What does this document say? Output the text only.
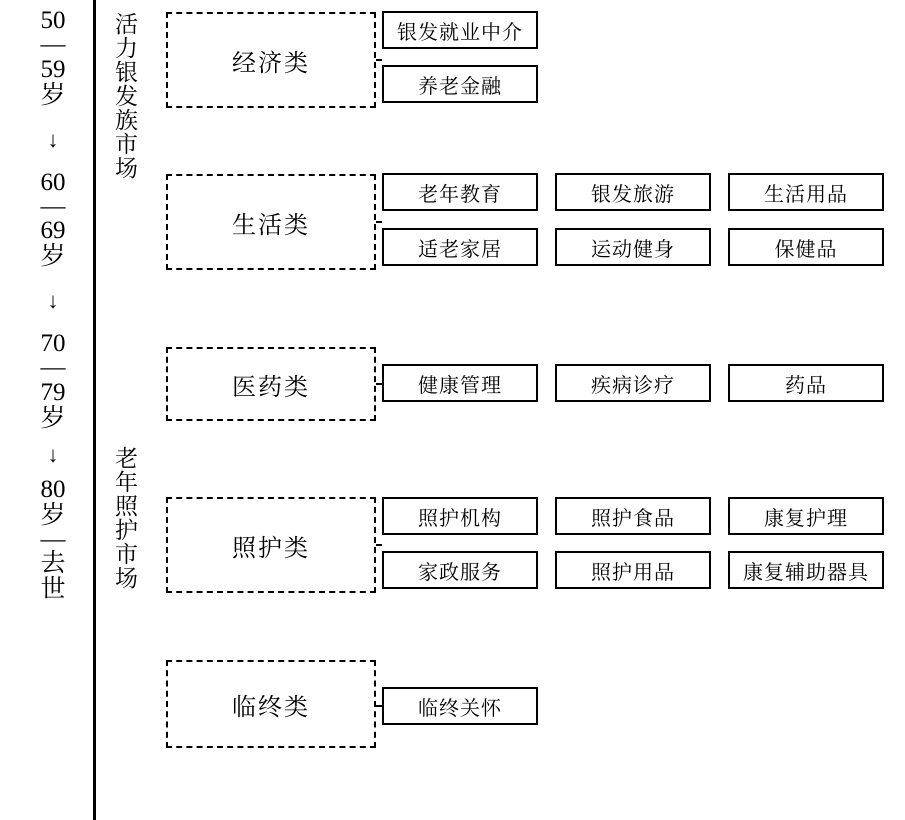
50
—
59
岁
↓
60
—
69
岁
↓
70
—
79
岁
↓
80
岁
—
去
世
活力银发族市场
老年照护市场
经济类
银发就业中介
养老金融
生活类
老年教育	银发旅游	生活用品
适老家居	运动健身	保健品
医药类	健康管理	疾病诊疗	药品
照护类
照护机构	照护食品	康复护理
家政服务	照护用品	康复辅助器具
临终类	临终关怀
